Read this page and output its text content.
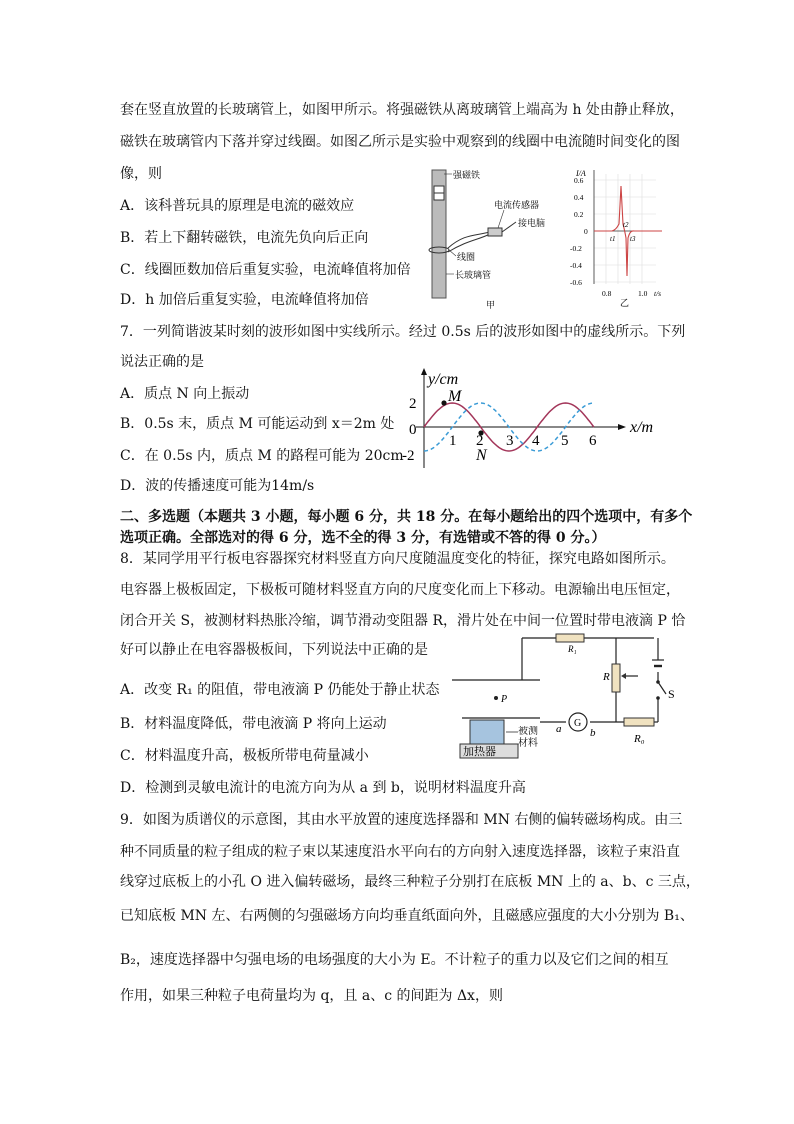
套在竖直放置的长玻璃管上，如图甲所示。将强磁铁从离玻璃管上端高为 h 处由静止释放，
磁铁在玻璃管内下落并穿过线圈。如图乙所示是实验中观察到的线圈中电流随时间变化的图
像，则
A．该科普玩具的原理是电流的磁效应
B．若上下翻转磁铁，电流先负向后正向
C．线圈匝数加倍后重复实验，电流峰值将加倍
D．h 加倍后重复实验，电流峰值将加倍
强磁铁
电流传感器
接电脑
线圈
长玻璃管
甲
I/A
0.6
0.4
0.2
0
-0.2
-0.4
-0.6
0.8	1.0 t/s
t1
t2
t3
乙
7．一列简谐波某时刻的波形如图中实线所示。经过 0.5s 后的波形如图中的虚线所示。下列
说法正确的是
A．质点 N 向上振动
B．0.5s 末，质点 M 可能运动到 x＝2m 处
C．在 0.5s 内，质点 M 的路程可能为 20cm
D．波的传播速度可能为14m/s
y/cm
x/m
2
0
-2
1 2 3 4 5 6
M
N
二、多选题（本题共 3 小题，每小题 6 分，共 18 分。在每小题给出的四个选项中，有多个
选项正确。全部选对的得 6 分，选不全的得 3 分，有选错或不答的得 0 分。）
8．某同学用平行板电容器探究材料竖直方向尺度随温度变化的特征，探究电路如图所示。
电容器上极板固定，下极板可随材料竖直方向的尺度变化而上下移动。电源输出电压恒定，
闭合开关 S，被测材料热胀冷缩，调节滑动变阻器 R，滑片处在中间一位置时带电液滴 P 恰
好可以静止在电容器极板间，下列说法中正确的是
A．改变 R₁ 的阻值，带电液滴 P 仍能处于静止状态
B．材料温度降低，带电液滴 P 将向上运动
C．材料温度升高，极板所带电荷量减小
D．检测到灵敏电流计的电流方向为从 a 到 b，说明材料温度升高
R₁
R
R₀
S
P
G
a	b
加热器
被测材料
9．如图为质谱仪的示意图，其由水平放置的速度选择器和 MN 右侧的偏转磁场构成。由三
种不同质量的粒子组成的粒子束以某速度沿水平向右的方向射入速度选择器，该粒子束沿直
线穿过底板上的小孔 O 进入偏转磁场，最终三种粒子分别打在底板 MN 上的 a、b、c 三点，
已知底板 MN 左、右两侧的匀强磁场方向均垂直纸面向外，且磁感应强度的大小分别为 B₁、
B₂，速度选择器中匀强电场的电场强度的大小为 E。不计粒子的重力以及它们之间的相互
作用，如果三种粒子电荷量均为 q，且 a、c 的间距为 Δx，则
